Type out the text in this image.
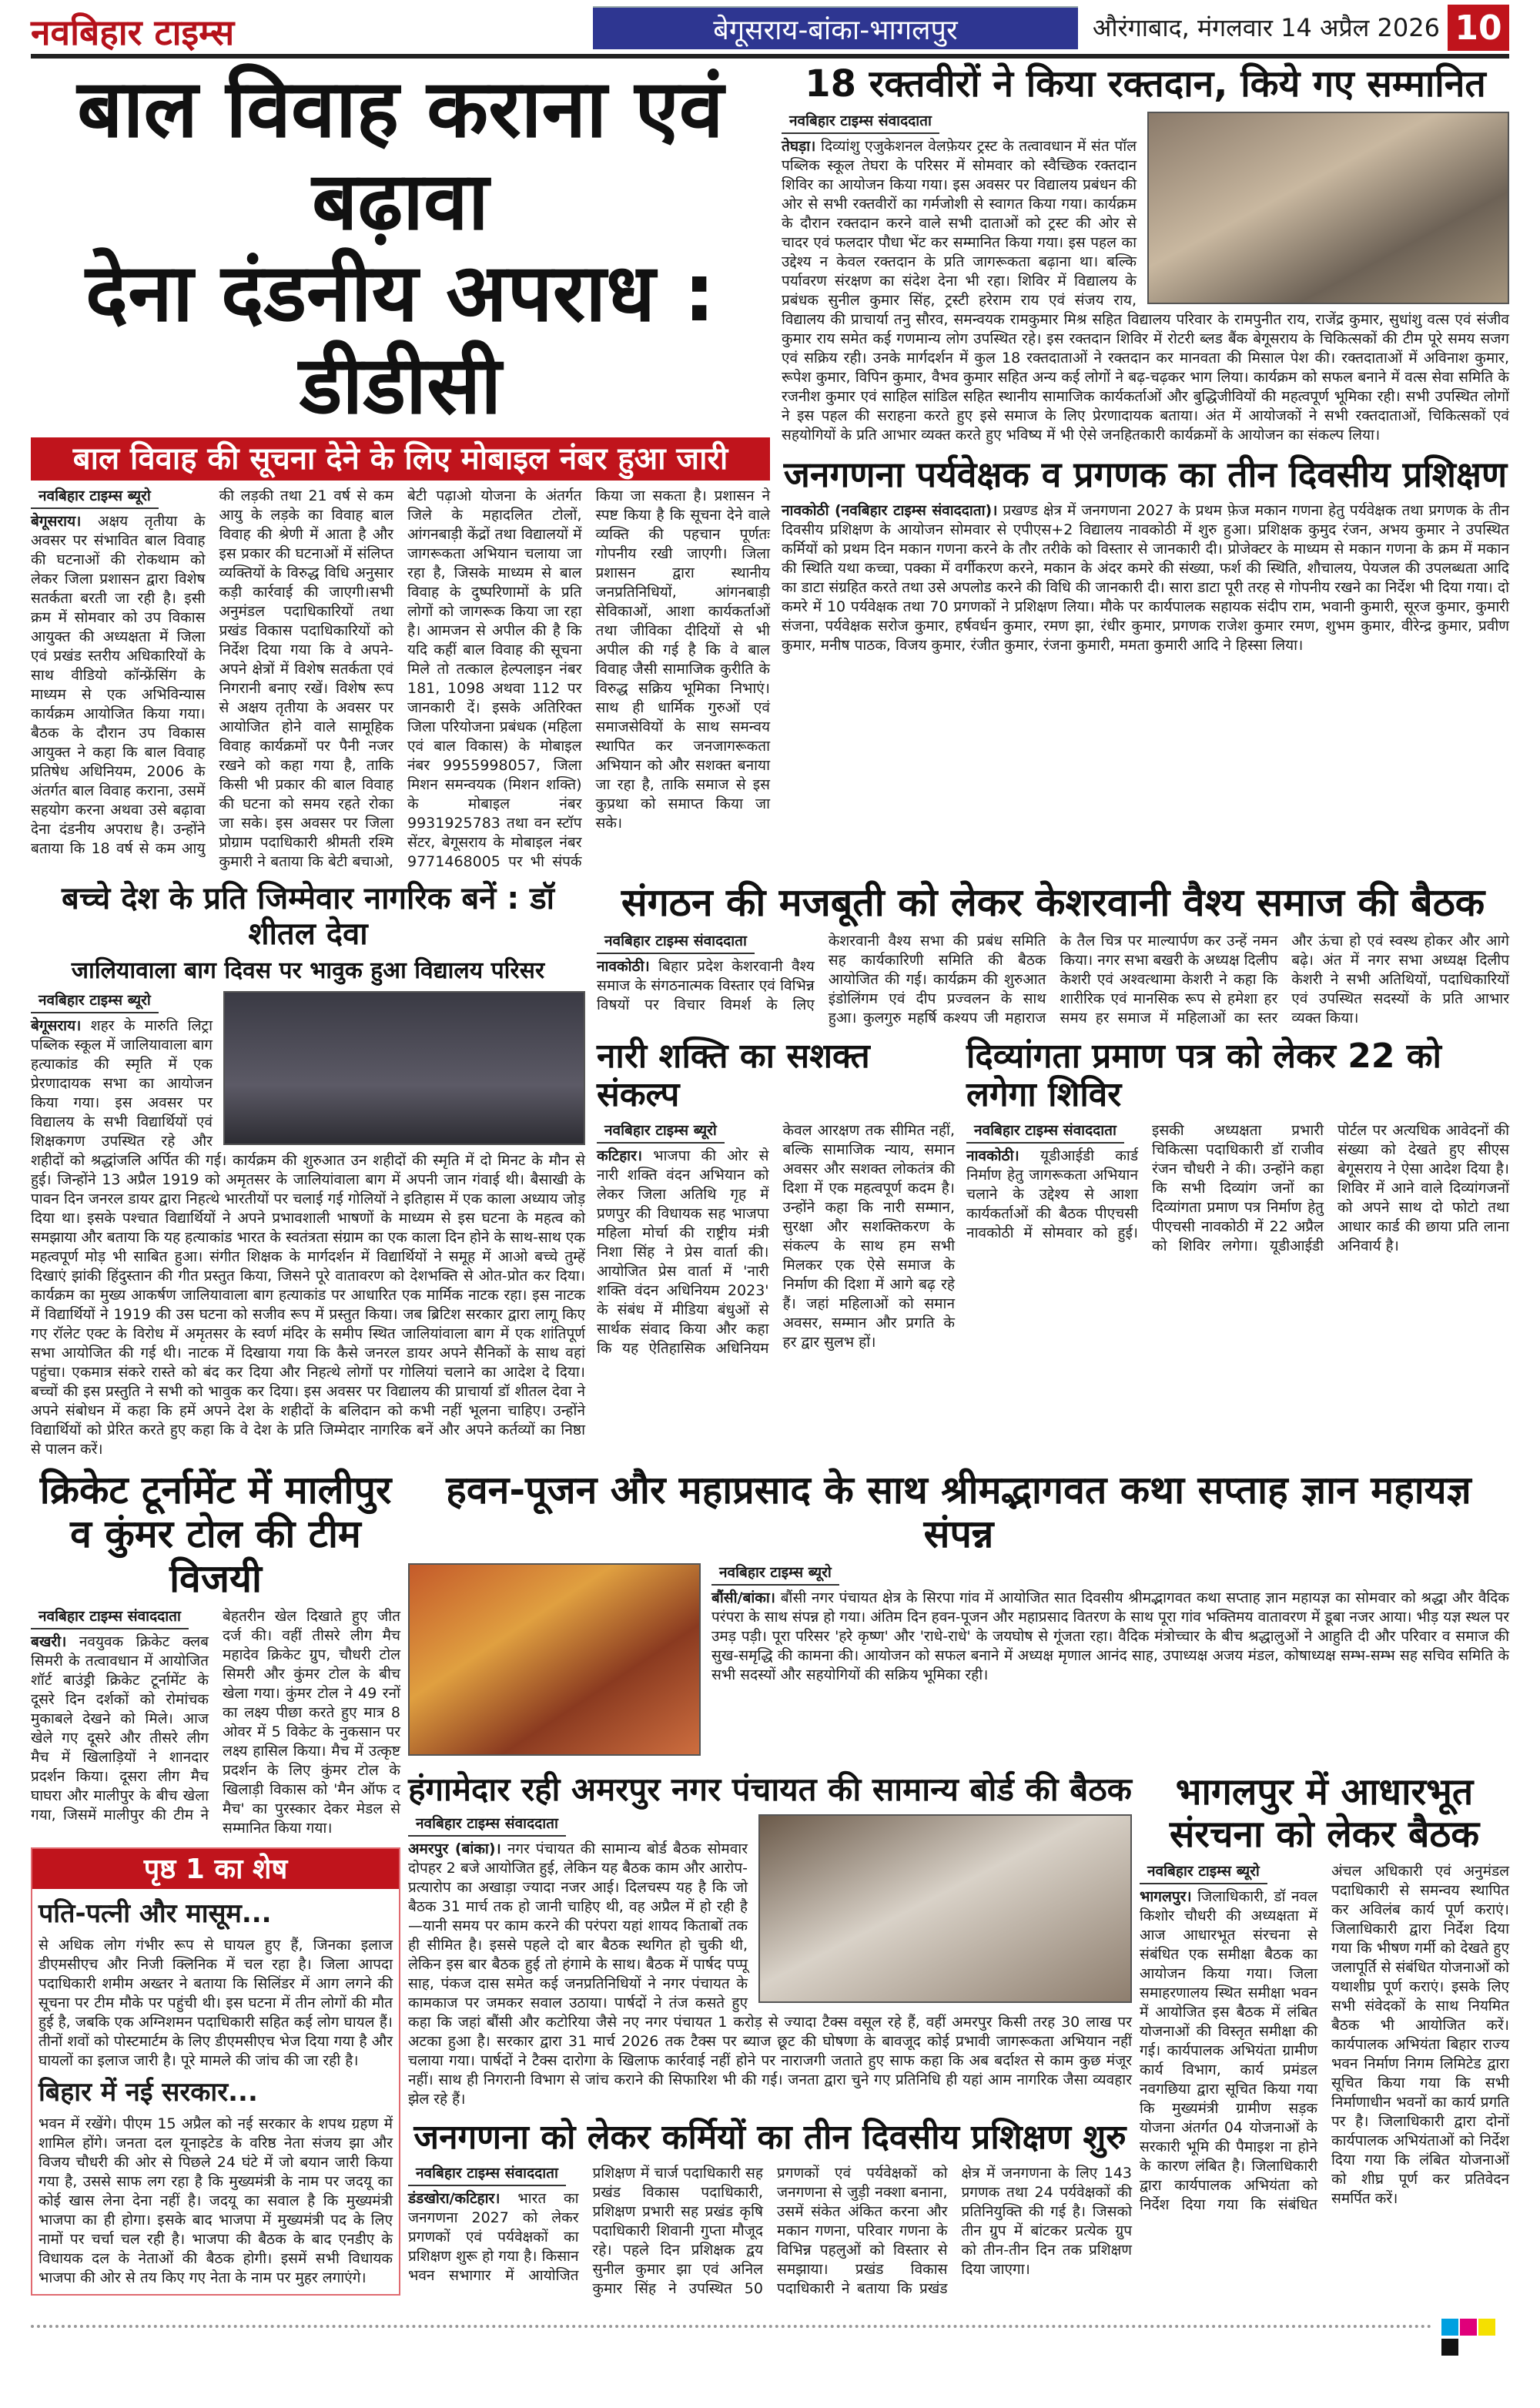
नवबिहार टाइम्स	बेगूसराय-बांका-भागलपुर	औरंगाबाद, मंगलवार 14 अप्रैल 2026 10
बाल विवाह कराना एवं बढ़ावा
देना दंडनीय अपराध : डीडीसी
बाल विवाह की सूचना देने के लिए मोबाइल नंबर हुआ जारी
नवबिहार टाइम्स ब्यूरो
बेगूसराय। अक्षय तृतीया के अवसर पर संभावित बाल विवाह की घटनाओं की रोकथाम को लेकर जिला प्रशासन द्वारा विशेष सतर्कता बरती जा रही है। इसी क्रम में सोमवार को उप विकास आयुक्त की अध्यक्षता में जिला एवं प्रखंड स्तरीय अधिकारियों के साथ वीडियो कॉन्फ्रेंसिंग के माध्यम से एक अभिविन्यास कार्यक्रम आयोजित किया गया। बैठक के दौरान उप विकास आयुक्त ने कहा कि बाल विवाह प्रतिषेध अधिनियम, 2006 के अंतर्गत बाल विवाह कराना, उसमें सहयोग करना अथवा उसे बढ़ावा देना दंडनीय अपराध है। उन्होंने बताया कि 18 वर्ष से कम आयु की लड़की तथा 21 वर्ष से कम आयु के लड़के का विवाह बाल विवाह की श्रेणी में आता है और इस प्रकार की घटनाओं में संलिप्त व्यक्तियों के विरुद्ध विधि अनुसार कड़ी कार्रवाई की जाएगी।सभी अनुमंडल पदाधिकारियों तथा प्रखंड विकास पदाधिकारियों को निर्देश दिया गया कि वे अपने-अपने क्षेत्रों में विशेष सतर्कता एवं निगरानी बनाए रखें। विशेष रूप से अक्षय तृतीया के अवसर पर आयोजित होने वाले सामूहिक विवाह कार्यक्रमों पर पैनी नजर रखने को कहा गया है, ताकि किसी भी प्रकार की बाल विवाह की घटना को समय रहते रोका जा सके। इस अवसर पर जिला प्रोग्राम पदाधिकारी श्रीमती रश्मि कुमारी ने बताया कि बेटी बचाओ, बेटी पढ़ाओ योजना के अंतर्गत जिले के महादलित टोलों, आंगनबाड़ी केंद्रों तथा विद्यालयों में जागरूकता अभियान चलाया जा रहा है, जिसके माध्यम से बाल विवाह के दुष्परिणामों के प्रति लोगों को जागरूक किया जा रहा है। आमजन से अपील की है कि यदि कहीं बाल विवाह की सूचना मिले तो तत्काल हेल्पलाइन नंबर 181, 1098 अथवा 112 पर जानकारी दें। इसके अतिरिक्त जिला परियोजना प्रबंधक (महिला एवं बाल विकास) के मोबाइल नंबर 9955998057, जिला मिशन समन्वयक (मिशन शक्ति) के मोबाइल नंबर 9931925783 तथा वन स्टॉप सेंटर, बेगूसराय के मोबाइल नंबर 9771468005 पर भी संपर्क किया जा सकता है। प्रशासन ने स्पष्ट किया है कि सूचना देने वाले व्यक्ति की पहचान पूर्णतः गोपनीय रखी जाएगी। जिला प्रशासन द्वारा स्थानीय जनप्रतिनिधियों, आंगनबाड़ी सेविकाओं, आशा कार्यकर्ताओं तथा जीविका दीदियों से भी अपील की गई है कि वे बाल विवाह जैसी सामाजिक कुरीति के विरुद्ध सक्रिय भूमिका निभाएं। साथ ही धार्मिक गुरुओं एवं समाजसेवियों के साथ समन्वय स्थापित कर जनजागरूकता अभियान को और सशक्त बनाया जा रहा है, ताकि समाज से इस कुप्रथा को समाप्त किया जा सके।
18 रक्तवीरों ने किया रक्तदान, किये गए सम्मानित
नवबिहार टाइम्स संवाददाता
तेघड़ा। दिव्यांशु एजुकेशनल वेलफ़ेयर ट्रस्ट के तत्वावधान में संत पॉल पब्लिक स्कूल तेघरा के परिसर में सोमवार को स्वैच्छिक रक्तदान शिविर का आयोजन किया गया। इस अवसर पर विद्यालय प्रबंधन की ओर से सभी रक्तवीरों का गर्मजोशी से स्वागत किया गया। कार्यक्रम के दौरान रक्तदान करने वाले सभी दाताओं को ट्रस्ट की ओर से चादर एवं फलदार पौधा भेंट कर सम्मानित किया गया। इस पहल का उद्देश्य न केवल रक्तदान के प्रति जागरूकता बढ़ाना था। बल्कि पर्यावरण संरक्षण का संदेश देना भी रहा। शिविर में विद्यालय के प्रबंधक सुनील कुमार सिंह, ट्रस्टी हरेराम राय एवं संजय राय, विद्यालय की प्राचार्या तनु सौरव, समन्वयक रामकुमार मिश्र सहित विद्यालय परिवार के रामपुनीत राय, राजेंद्र कुमार, सुधांशु वत्स एवं संजीव कुमार राय समेत कई गणमान्य लोग उपस्थित रहे। इस रक्तदान शिविर में रोटरी ब्लड बैंक बेगूसराय के चिकित्सकों की टीम पूरे समय सजग एवं सक्रिय रही। उनके मार्गदर्शन में कुल 18 रक्तदाताओं ने रक्तदान कर मानवता की मिसाल पेश की। रक्तदाताओं में अविनाश कुमार, रूपेश कुमार, विपिन कुमार, वैभव कुमार सहित अन्य कई लोगों ने बढ़-चढ़कर भाग लिया। कार्यक्रम को सफल बनाने में वत्स सेवा समिति के रजनीश कुमार एवं साहिल सांडिल सहित स्थानीय सामाजिक कार्यकर्ताओं और बुद्धिजीवियों की महत्वपूर्ण भूमिका रही। सभी उपस्थित लोगों ने इस पहल की सराहना करते हुए इसे समाज के लिए प्रेरणादायक बताया। अंत में आयोजकों ने सभी रक्तदाताओं, चिकित्सकों एवं सहयोगियों के प्रति आभार व्यक्त करते हुए भविष्य में भी ऐसे जनहितकारी कार्यक्रमों के आयोजन का संकल्प लिया।
जनगणना पर्यवेक्षक व प्रगणक का तीन दिवसीय प्रशिक्षण
नावकोठी (नवबिहार टाइम्स संवाददाता)। प्रखण्ड क्षेत्र में जनगणना 2027 के प्रथम फ़ेज मकान गणना हेतु पर्यवेक्षक तथा प्रगणक के तीन दिवसीय प्रशिक्षण के आयोजन सोमवार से एपीएस+2 विद्यालय नावकोठी में शुरु हुआ। प्रशिक्षक कुमुद रंजन, अभय कुमार ने उपस्थित कर्मियों को प्रथम दिन मकान गणना करने के तौर तरीके को विस्तार से जानकारी दी। प्रोजेक्टर के माध्यम से मकान गणना के क्रम में मकान की स्थिति यथा कच्चा, पक्का में वर्गीकरण करने, मकान के अंदर कमरे की संख्या, फर्श की स्थिति, शौचालय, पेयजल की उपलब्धता आदि का डाटा संग्रहित करते तथा उसे अपलोड करने की विधि की जानकारी दी। सारा डाटा पूरी तरह से गोपनीय रखने का निर्देश भी दिया गया। दो कमरे में 10 पर्यवेक्षक तथा 70 प्रगणकों ने प्रशिक्षण लिया। मौके पर कार्यपालक सहायक संदीप राम, भवानी कुमारी, सूरज कुमार, कुमारी संजना, पर्यवेक्षक सरोज कुमार, हर्षवर्धन कुमार, रमण झा, रंधीर कुमार, प्रगणक राजेश कुमार रमण, शुभम कुमार, वीरेन्द्र कुमार, प्रवीण कुमार, मनीष पाठक, विजय कुमार, रंजीत कुमार, रंजना कुमारी, ममता कुमारी आदि ने हिस्सा लिया।
बच्चे देश के प्रति जिम्मेवार नागरिक बनें : डॉ शीतल देवा
जालियावाला बाग दिवस पर भावुक हुआ विद्यालय परिसर
नवबिहार टाइम्स ब्यूरो
बेगूसराय। शहर के मारुति लिट्रा पब्लिक स्कूल में जालियावाला बाग हत्याकांड की स्मृति में एक प्रेरणादायक सभा का आयोजन किया गया। इस अवसर पर विद्यालय के सभी विद्यार्थियों एवं शिक्षकगण उपस्थित रहे और शहीदों को श्रद्धांजलि अर्पित की गई। कार्यक्रम की शुरुआत उन शहीदों की स्मृति में दो मिनट के मौन से हुई। जिन्होंने 13 अप्रैल 1919 को अमृतसर के जालियांवाला बाग में अपनी जान गंवाई थी। बैसाखी के पावन दिन जनरल डायर द्वारा निहत्थे भारतीयों पर चलाई गई गोलियों ने इतिहास में एक काला अध्याय जोड़ दिया था। इसके पश्चात विद्यार्थियों ने अपने प्रभावशाली भाषणों के माध्यम से इस घटना के महत्व को समझाया और बताया कि यह हत्याकांड भारत के स्वतंत्रता संग्राम का एक काला दिन होने के साथ-साथ एक महत्वपूर्ण मोड़ भी साबित हुआ। संगीत शिक्षक के मार्गदर्शन में विद्यार्थियों ने समूह में आओ बच्चे तुम्हें दिखाएं झांकी हिंदुस्तान की गीत प्रस्तुत किया, जिसने पूरे वातावरण को देशभक्ति से ओत-प्रोत कर दिया। कार्यक्रम का मुख्य आकर्षण जालियावाला बाग हत्याकांड पर आधारित एक मार्मिक नाटक रहा। इस नाटक में विद्यार्थियों ने 1919 की उस घटना को सजीव रूप में प्रस्तुत किया। जब ब्रिटिश सरकार द्वारा लागू किए गए रॉलेट एक्ट के विरोध में अमृतसर के स्वर्ण मंदिर के समीप स्थित जालियांवाला बाग में एक शांतिपूर्ण सभा आयोजित की गई थी। नाटक में दिखाया गया कि कैसे जनरल डायर अपने सैनिकों के साथ वहां पहुंचा। एकमात्र संकरे रास्ते को बंद कर दिया और निहत्थे लोगों पर गोलियां चलाने का आदेश दे दिया। बच्चों की इस प्रस्तुति ने सभी को भावुक कर दिया। इस अवसर पर विद्यालय की प्राचार्या डॉ शीतल देवा ने अपने संबोधन में कहा कि हमें अपने देश के शहीदों के बलिदान को कभी नहीं भूलना चाहिए। उन्होंने विद्यार्थियों को प्रेरित करते हुए कहा कि वे देश के प्रति जिम्मेदार नागरिक बनें और अपने कर्तव्यों का निष्ठा से पालन करें।
संगठन की मजबूती को लेकर केशरवानी वैश्य समाज की बैठक
नवबिहार टाइम्स संवाददाता
नावकोठी। बिहार प्रदेश केशरवानी वैश्य समाज के संगठनात्मक विस्तार एवं विभिन्न विषयों पर विचार विमर्श के लिए केशरवानी वैश्य सभा की प्रबंध समिति सह कार्यकारिणी समिति की बैठक आयोजित की गई। कार्यक्रम की शुरुआत इंडोलिंगम एवं दीप प्रज्वलन के साथ हुआ। कुलगुरु महर्षि कश्यप जी महाराज के तैल चित्र पर माल्यार्पण कर उन्हें नमन किया। नगर सभा बखरी के अध्यक्ष दिलीप केशरी एवं अश्वत्थामा केशरी ने कहा कि शारीरिक एवं मानसिक रूप से हमेशा हर समय हर समाज में महिलाओं का स्तर और ऊंचा हो एवं स्वस्थ होकर और आगे बढ़े। अंत में नगर सभा अध्यक्ष दिलीप केशरी ने सभी अतिथियों, पदाधिकारियों एवं उपस्थित सदस्यों के प्रति आभार व्यक्त किया।
नारी शक्ति का सशक्त संकल्प
नवबिहार टाइम्स ब्यूरो
कटिहार। भाजपा की ओर से नारी शक्ति वंदन अभियान को लेकर जिला अतिथि गृह में प्रणपुर की विधायक सह भाजपा महिला मोर्चा की राष्ट्रीय मंत्री निशा सिंह ने प्रेस वार्ता की। आयोजित प्रेस वार्ता में 'नारी शक्ति वंदन अधिनियम 2023' के संबंध में मीडिया बंधुओं से सार्थक संवाद किया और कहा कि यह ऐतिहासिक अधिनियम केवल आरक्षण तक सीमित नहीं, बल्कि सामाजिक न्याय, समान अवसर और सशक्त लोकतंत्र की दिशा में एक महत्वपूर्ण कदम है। उन्होंने कहा कि नारी सम्मान, सुरक्षा और सशक्तिकरण के संकल्प के साथ हम सभी मिलकर एक ऐसे समाज के निर्माण की दिशा में आगे बढ़ रहे हैं। जहां महिलाओं को समान अवसर, सम्मान और प्रगति के हर द्वार सुलभ हों।
दिव्यांगता प्रमाण पत्र को लेकर 22 को लगेगा शिविर
नवबिहार टाइम्स संवाददाता
नावकोठी। यूडीआईडी कार्ड निर्माण हेतु जागरूकता अभियान चलाने के उद्देश्य से आशा कार्यकर्ताओं की बैठक पीएचसी नावकोठी में सोमवार को हुई। इसकी अध्यक्षता प्रभारी चिकित्सा पदाधिकारी डॉ राजीव रंजन चौधरी ने की। उन्होंने कहा कि सभी दिव्यांग जनों का दिव्यांगता प्रमाण पत्र निर्माण हेतु पीएचसी नावकोठी में 22 अप्रैल को शिविर लगेगा। यूडीआईडी पोर्टल पर अत्यधिक आवेदनों की संख्या को देखते हुए सीएस बेगूसराय ने ऐसा आदेश दिया है। शिविर में आने वाले दिव्यांगजनों को अपने साथ दो फोटो तथा आधार कार्ड की छाया प्रति लाना अनिवार्य है।
क्रिकेट टूर्नामेंट में मालीपुर व कुंमर टोल की टीम विजयी
नवबिहार टाइम्स संवाददाता
बखरी। नवयुवक क्रिकेट क्लब सिमरी के तत्वावधान में आयोजित शॉर्ट बाउंड्री क्रिकेट टूर्नामेंट के दूसरे दिन दर्शकों को रोमांचक मुकाबले देखने को मिले। आज खेले गए दूसरे और तीसरे लीग मैच में खिलाड़ियों ने शानदार प्रदर्शन किया। दूसरा लीग मैच घाघरा और मालीपुर के बीच खेला गया, जिसमें मालीपुर की टीम ने बेहतरीन खेल दिखाते हुए जीत दर्ज की। वहीं तीसरे लीग मैच महादेव क्रिकेट ग्रुप, चौधरी टोल सिमरी और कुंमर टोल के बीच खेला गया। कुंमर टोल ने 49 रनों का लक्ष्य पीछा करते हुए मात्र 8 ओवर में 5 विकेट के नुकसान पर लक्ष्य हासिल किया। मैच में उत्कृष्ट प्रदर्शन के लिए कुंमर टोल के खिलाड़ी विकास को 'मैन ऑफ द मैच' का पुरस्कार देकर मेडल से सम्मानित किया गया।
पृष्ठ 1 का शेष
पति-पत्नी और मासूम...
से अधिक लोग गंभीर रूप से घायल हुए हैं, जिनका इलाज डीएमसीएच और निजी क्लिनिक में चल रहा है। जिला आपदा पदाधिकारी शमीम अख्तर ने बताया कि सिलिंडर में आग लगने की सूचना पर टीम मौके पर पहुंची थी। इस घटना में तीन लोगों की मौत हुई है, जबकि एक अग्निशमन पदाधिकारी सहित कई लोग घायल हैं। तीनों शवों को पोस्टमार्टम के लिए डीएमसीएच भेज दिया गया है और घायलों का इलाज जारी है। पूरे मामले की जांच की जा रही है।
बिहार में नई सरकार...
भवन में रखेंगे। पीएम 15 अप्रैल को नई सरकार के शपथ ग्रहण में शामिल होंगे। जनता दल यूनाइटेड के वरिष्ठ नेता संजय झा और विजय चौधरी की ओर से पिछले 24 घंटे में जो बयान जारी किया गया है, उससे साफ लग रहा है कि मुख्यमंत्री के नाम पर जदयू का कोई खास लेना देना नहीं है। जदयू का सवाल है कि मुख्यमंत्री भाजपा का ही होगा। इसके बाद भाजपा में मुख्यमंत्री पद के लिए नामों पर चर्चा चल रही है। भाजपा की बैठक के बाद एनडीए के विधायक दल के नेताओं की बैठक होगी। इसमें सभी विधायक भाजपा की ओर से तय किए गए नेता के नाम पर मुहर लगाएंगे।
हवन-पूजन और महाप्रसाद के साथ श्रीमद्भागवत कथा सप्ताह ज्ञान महायज्ञ संपन्न
नवबिहार टाइम्स ब्यूरो
बौंसी/बांका। बौंसी नगर पंचायत क्षेत्र के सिरपा गांव में आयोजित सात दिवसीय श्रीमद्भागवत कथा सप्ताह ज्ञान महायज्ञ का सोमवार को श्रद्धा और वैदिक परंपरा के साथ संपन्न हो गया। अंतिम दिन हवन-पूजन और महाप्रसाद वितरण के साथ पूरा गांव भक्तिमय वातावरण में डूबा नजर आया। भीड़ यज्ञ स्थल पर उमड़ पड़ी। पूरा परिसर 'हरे कृष्ण' और 'राधे-राधे' के जयघोष से गूंजता रहा। वैदिक मंत्रोच्चार के बीच श्रद्धालुओं ने आहुति दी और परिवार व समाज की सुख-समृद्धि की कामना की। आयोजन को सफल बनाने में अध्यक्ष मृणाल आनंद साह, उपाध्यक्ष अजय मंडल, कोषाध्यक्ष सम्भ-सम्भ सह सचिव समिति के सभी सदस्यों और सहयोगियों की सक्रिय भूमिका रही।
हंगामेदार रही अमरपुर नगर पंचायत की सामान्य बोर्ड की बैठक
नवबिहार टाइम्स संवाददाता
अमरपुर (बांका)। नगर पंचायत की सामान्य बोर्ड बैठक सोमवार दोपहर 2 बजे आयोजित हुई, लेकिन यह बैठक काम और आरोप-प्रत्यारोप का अखाड़ा ज्यादा नजर आई। दिलचस्प यह है कि जो बैठक 31 मार्च तक हो जानी चाहिए थी, वह अप्रैल में हो रही है—यानी समय पर काम करने की परंपरा यहां शायद किताबों तक ही सीमित है। इससे पहले दो बार बैठक स्थगित हो चुकी थी, लेकिन इस बार बैठक हुई तो हंगामे के साथ। बैठक में पार्षद पप्पू साह, पंकज दास समेत कई जनप्रतिनिधियों ने नगर पंचायत के कामकाज पर जमकर सवाल उठाया। पार्षदों ने तंज कसते हुए कहा कि जहां बौंसी और कटोरिया जैसे नए नगर पंचायत 1 करोड़ से ज्यादा टैक्स वसूल रहे हैं, वहीं अमरपुर किसी तरह 30 लाख पर अटका हुआ है। सरकार द्वारा 31 मार्च 2026 तक टैक्स पर ब्याज छूट की घोषणा के बावजूद कोई प्रभावी जागरूकता अभियान नहीं चलाया गया। पार्षदों ने टैक्स दारोगा के खिलाफ कार्रवाई नहीं होने पर नाराजगी जताते हुए साफ कहा कि अब बर्दाश्त से काम कुछ मंजूर नहीं। साथ ही निगरानी विभाग से जांच कराने की सिफारिश भी की गई। जनता द्वारा चुने गए प्रतिनिधि ही यहां आम नागरिक जैसा व्यवहार झेल रहे हैं।
जनगणना को लेकर कर्मियों का तीन दिवसीय प्रशिक्षण शुरु
नवबिहार टाइम्स संवाददाता
डंडखोरा/कटिहार। भारत का जनगणना 2027 को लेकर प्रगणकों एवं पर्यवेक्षकों का प्रशिक्षण शुरू हो गया है। किसान भवन सभागार में आयोजित प्रशिक्षण में चार्ज पदाधिकारी सह प्रखंड विकास पदाधिकारी, प्रशिक्षण प्रभारी सह प्रखंड कृषि पदाधिकारी शिवानी गुप्ता मौजूद रहे। पहले दिन प्रशिक्षक द्वय सुनील कुमार झा एवं अनिल कुमार सिंह ने उपस्थित 50 प्रगणकों एवं पर्यवेक्षकों को जनगणना से जुड़ी नक्शा बनाना, उसमें संकेत अंकित करना और मकान गणना, परिवार गणना के विभिन्न पहलुओं को विस्तार से समझाया। प्रखंड विकास पदाधिकारी ने बताया कि प्रखंड क्षेत्र में जनगणना के लिए 143 प्रगणक तथा 24 पर्यवेक्षकों की प्रतिनियुक्ति की गई है। जिसको तीन ग्रुप में बांटकर प्रत्येक ग्रुप को तीन-तीन दिन तक प्रशिक्षण दिया जाएगा।
भागलपुर में आधारभूत
संरचना को लेकर बैठक
नवबिहार टाइम्स ब्यूरो
भागलपुर। जिलाधिकारी, डॉ नवल किशोर चौधरी की अध्यक्षता में आज आधारभूत संरचना से संबंधित एक समीक्षा बैठक का आयोजन किया गया। जिला समाहरणालय स्थित समीक्षा भवन में आयोजित इस बैठक में लंबित योजनाओं की विस्तृत समीक्षा की गई। कार्यपालक अभियंता ग्रामीण कार्य विभाग, कार्य प्रमंडल नवगछिया द्वारा सूचित किया गया कि मुख्यमंत्री ग्रामीण सड़क योजना अंतर्गत 04 योजनाओं के सरकारी भूमि की पैमाइश ना होने के कारण लंबित है। जिलाधिकारी द्वारा कार्यपालक अभियंता को निर्देश दिया गया कि संबंधित अंचल अधिकारी एवं अनुमंडल पदाधिकारी से समन्वय स्थापित कर अविलंब कार्य पूर्ण कराएं। जिलाधिकारी द्वारा निर्देश दिया गया कि भीषण गर्मी को देखते हुए जलापूर्ति से संबंधित योजनाओं को यथाशीघ्र पूर्ण कराएं। इसके लिए सभी संवेदकों के साथ नियमित बैठक भी आयोजित करें। कार्यपालक अभियंता बिहार राज्य भवन निर्माण निगम लिमिटेड द्वारा सूचित किया गया कि सभी निर्माणाधीन भवनों का कार्य प्रगति पर है। जिलाधिकारी द्वारा दोनों कार्यपालक अभियंताओं को निर्देश दिया गया कि लंबित योजनाओं को शीघ्र पूर्ण कर प्रतिवेदन समर्पित करें।
